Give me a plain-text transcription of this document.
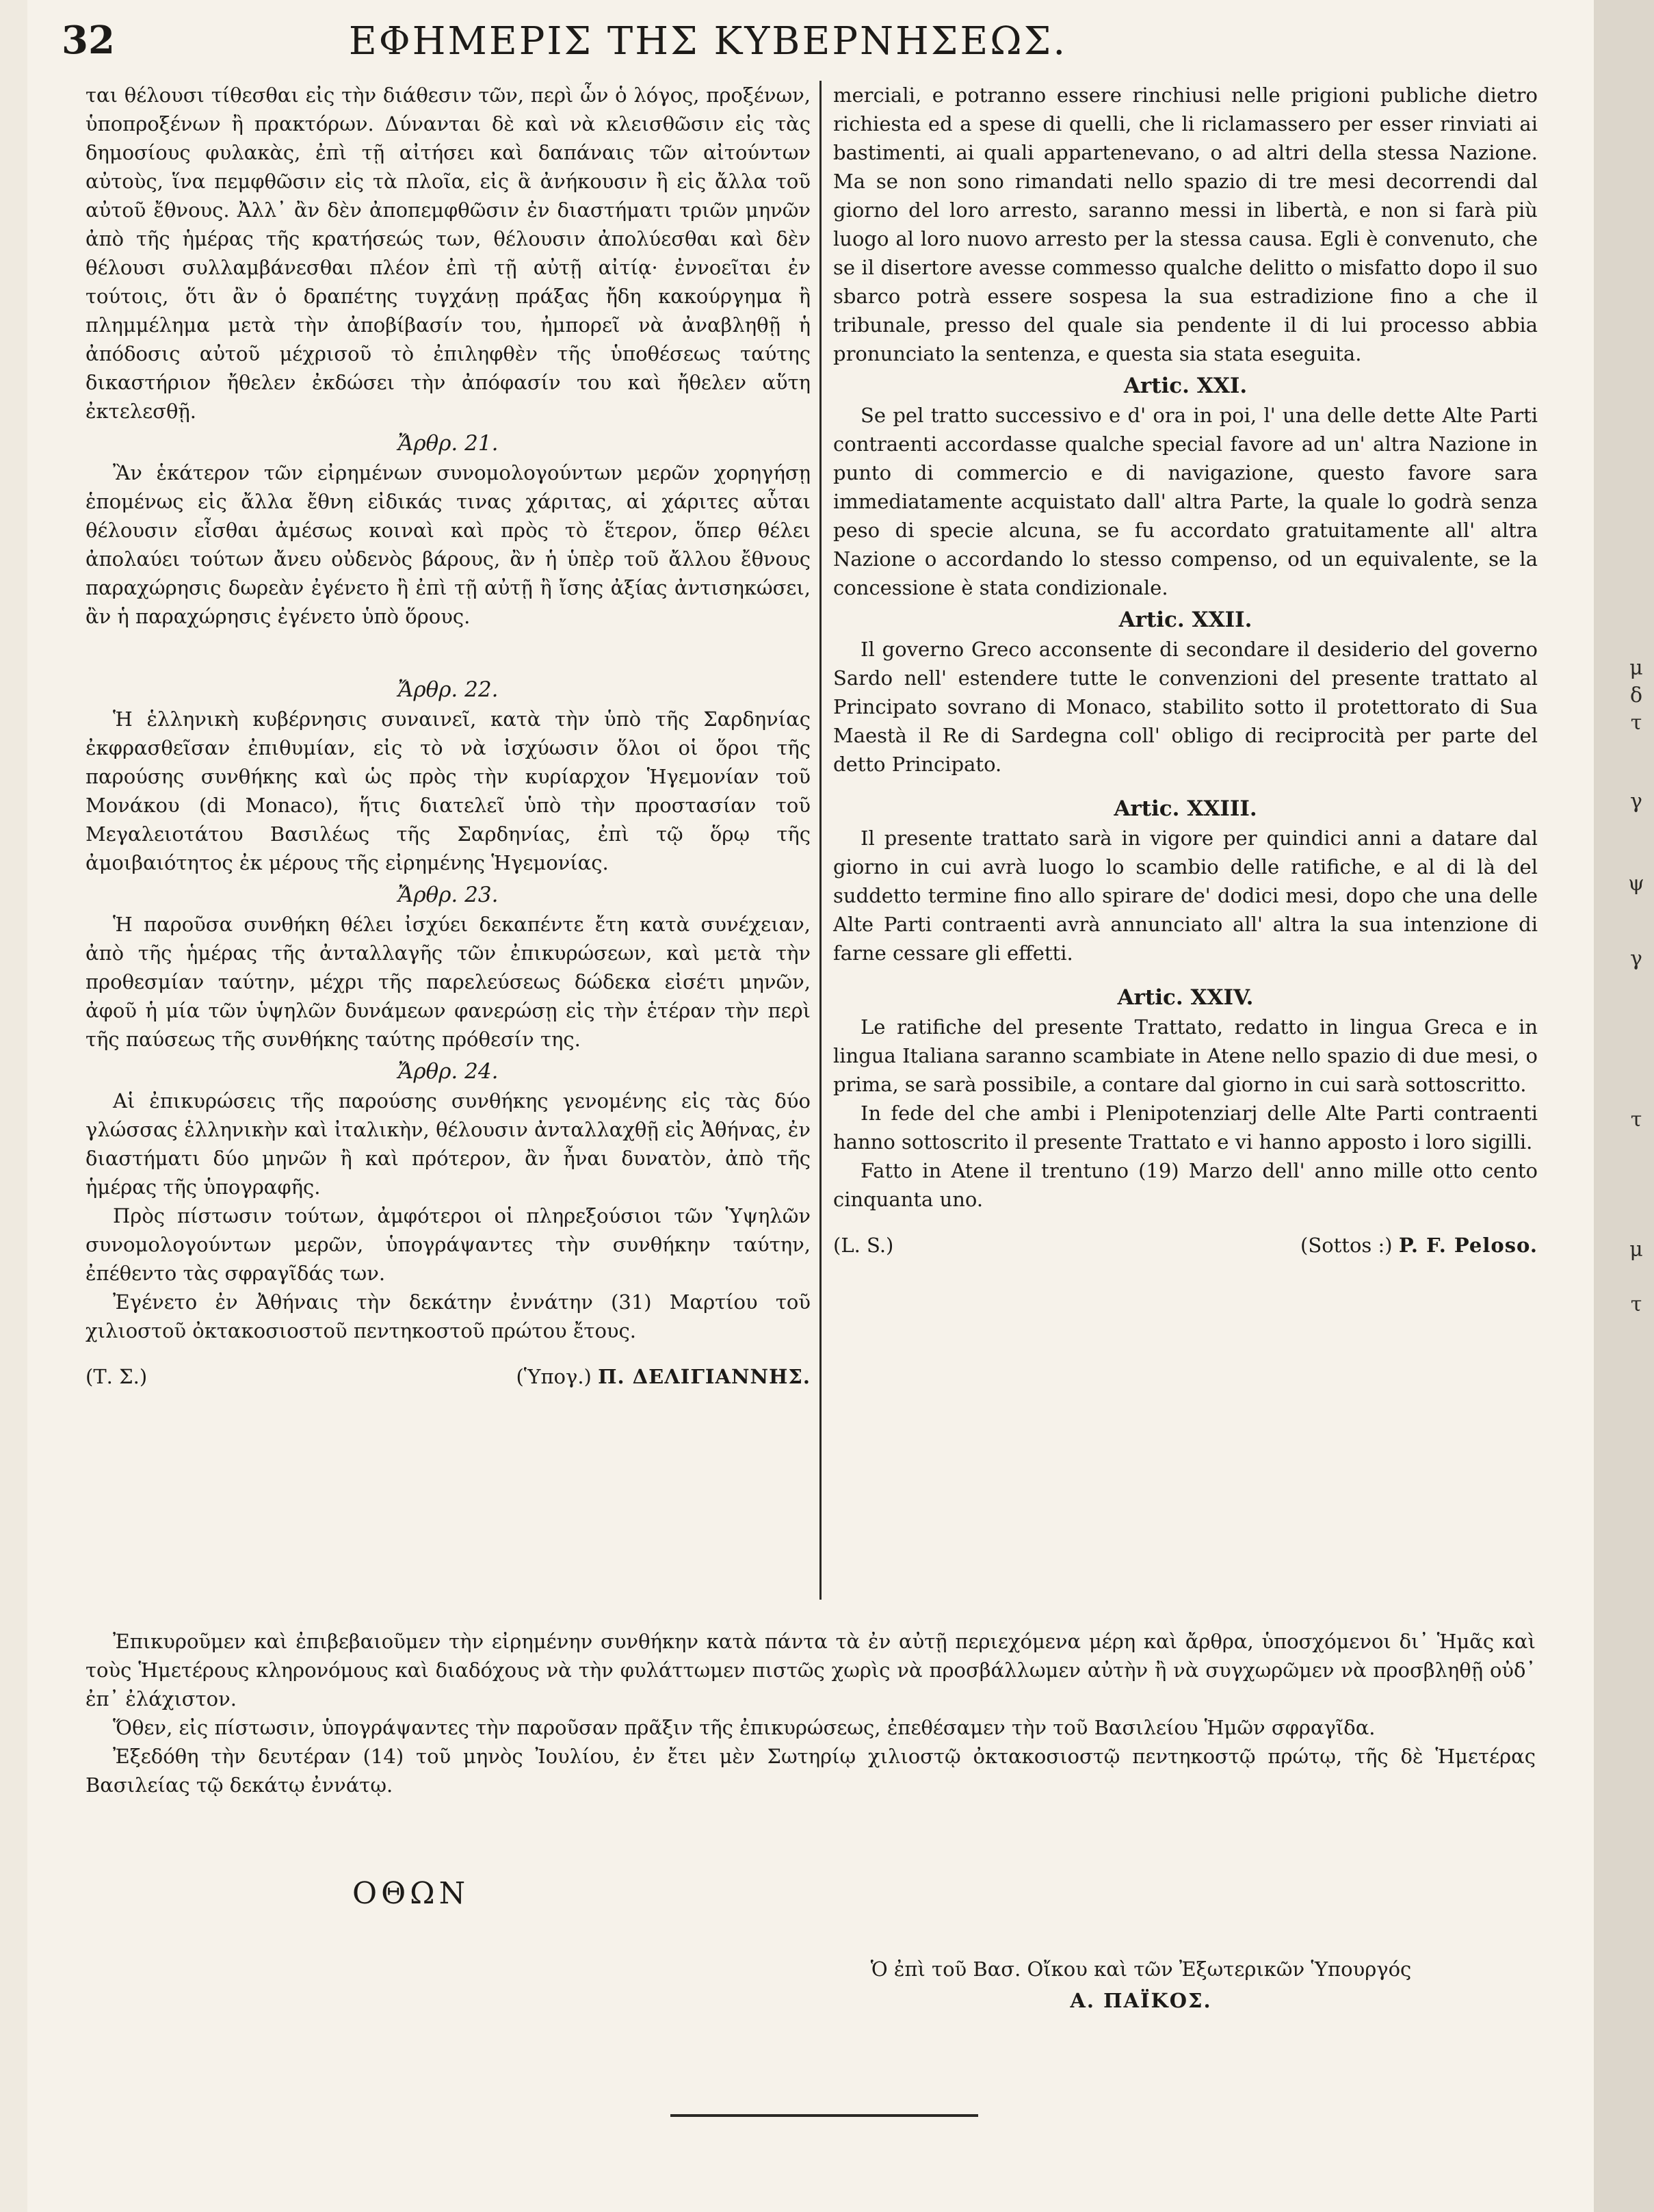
μ
δ
τ
γ
ψ
γ
τ
μ
τ
32	ΕΦΗΜΕΡΙΣ ΤΗΣ ΚΥΒΕΡΝΗΣΕΩΣ.

ται θέλουσι τίθεσθαι εἰς τὴν διάθεσιν τῶν, περὶ ὧν ὁ λόγος, προξένων, ὑποπροξένων ἢ πρακτόρων. Δύνανται δὲ καὶ νὰ κλεισθῶσιν εἰς τὰς δημοσίους φυλακὰς, ἐπὶ τῇ αἰτήσει καὶ δαπάναις τῶν αἰτούντων αὐτοὺς, ἵνα πεμφθῶσιν εἰς τὰ πλοῖα, εἰς ἃ ἀνήκουσιν ἢ εἰς ἄλλα τοῦ αὐτοῦ ἔθνους. Ἀλλ᾽ ἂν δὲν ἀποπεμφθῶσιν ἐν διαστήματι τριῶν μηνῶν ἀπὸ τῆς ἡμέρας τῆς κρατήσεώς των, θέλουσιν ἀπολύεσθαι καὶ δὲν θέλουσι συλλαμβάνεσθαι πλέον ἐπὶ τῇ αὐτῇ αἰτίᾳ· ἐννοεῖται ἐν τούτοις, ὅτι ἂν ὁ δραπέτης τυγχάνῃ πράξας ἤδη κακούργημα ἢ πλημμέλημα μετὰ τὴν ἀποβίβασίν του, ἠμπορεῖ νὰ ἀναβληθῇ ἡ ἀπόδοσις αὐτοῦ μέχρισοῦ τὸ ἐπιληφθὲν τῆς ὑποθέσεως ταύτης δικαστήριον ἤθελεν ἐκδώσει τὴν ἀπόφασίν του καὶ ἤθελεν αὕτη ἐκτελεσθῇ.

Ἄρθρ. 21.

Ἂν ἑκάτερον τῶν εἰρημένων συνομολογούντων μερῶν χορηγήσῃ ἑπομένως εἰς ἄλλα ἔθνη εἰδικάς τινας χάριτας, αἱ χάριτες αὗται θέλουσιν εἶσθαι ἀμέσως κοιναὶ καὶ πρὸς τὸ ἕτερον, ὅπερ θέλει ἀπολαύει τούτων ἄνευ οὐδενὸς βάρους, ἂν ἡ ὑπὲρ τοῦ ἄλλου ἔθνους παραχώρησις δωρεὰν ἐγένετο ἢ ἐπὶ τῇ αὐτῇ ἢ ἴσης ἀξίας ἀντισηκώσει, ἂν ἡ παραχώρησις ἐγένετο ὑπὸ ὅρους.

Ἄρθρ. 22.

Ἡ ἑλληνικὴ κυβέρνησις συναινεῖ, κατὰ τὴν ὑπὸ τῆς Σαρδηνίας ἐκφρασθεῖσαν ἐπιθυμίαν, εἰς τὸ νὰ ἰσχύωσιν ὅλοι οἱ ὅροι τῆς παρούσης συνθήκης καὶ ὡς πρὸς τὴν κυρίαρχον Ἡγεμονίαν τοῦ Μονάκου (di Monaco), ἥτις διατελεῖ ὑπὸ τὴν προστασίαν τοῦ Μεγαλειοτάτου Βασιλέως τῆς Σαρδηνίας, ἐπὶ τῷ ὅρῳ τῆς ἀμοιβαιότητος ἐκ μέρους τῆς εἰρημένης Ἡγεμονίας.

Ἄρθρ. 23.

Ἡ παροῦσα συνθήκη θέλει ἰσχύει δεκαπέντε ἔτη κατὰ συνέχειαν, ἀπὸ τῆς ἡμέρας τῆς ἀνταλλαγῆς τῶν ἐπικυρώσεων, καὶ μετὰ τὴν προθεσμίαν ταύτην, μέχρι τῆς παρελεύσεως δώδεκα εἰσέτι μηνῶν, ἀφοῦ ἡ μία τῶν ὑψηλῶν δυνάμεων φανερώσῃ εἰς τὴν ἑτέραν τὴν περὶ τῆς παύσεως τῆς συνθήκης ταύτης πρόθεσίν της.

Ἄρθρ. 24.

Αἱ ἐπικυρώσεις τῆς παρούσης συνθήκης γενομένης εἰς τὰς δύο γλώσσας ἑλληνικὴν καὶ ἰταλικὴν, θέλουσιν ἀνταλλαχθῇ εἰς Ἀθήνας, ἐν διαστήματι δύο μηνῶν ἢ καὶ πρότερον, ἂν ἦναι δυνατὸν, ἀπὸ τῆς ἡμέρας τῆς ὑπογραφῆς.

Πρὸς πίστωσιν τούτων, ἀμφότεροι οἱ πληρεξούσιοι τῶν Ὑψηλῶν συνομολογούντων μερῶν, ὑπογράψαντες τὴν συνθήκην ταύτην, ἐπέθεντο τὰς σφραγῖδάς των.

Ἐγένετο ἐν Ἀθήναις τὴν δεκάτην ἐννάτην (31) Μαρτίου τοῦ χιλιοστοῦ ὀκτακοσιοστοῦ πεντηκοστοῦ πρώτου ἔτους.

(Τ. Σ.)	(Ὑπογ.) Π. ΔΕΛΙΓΙΑΝΝΗΣ.

merciali, e potranno essere rinchiusi nelle prigioni publiche dietro richiesta ed a spese di quelli, che li riclamassero per esser rinviati ai bastimenti, ai quali appartenevano, o ad altri della stessa Nazione. Ma se non sono rimandati nello spazio di tre mesi decorrendi dal giorno del loro arresto, saranno messi in libertà, e non si farà più luogo al loro nuovo arresto per la stessa causa. Egli è convenuto, che se il disertore avesse commesso qualche delitto o misfatto dopo il suo sbarco potrà essere sospesa la sua estradizione fino a che il tribunale, presso del quale sia pendente il di lui processo abbia pronunciato la sentenza, e questa sia stata eseguita.

Artic. XXI.

Se pel tratto successivo e d' ora in poi, l' una delle dette Alte Parti contraenti accordasse qualche special favore ad un' altra Nazione in punto di commercio e di navigazione, questo favore sara immediatamente acquistato dall' altra Parte, la quale lo godrà senza peso di specie alcuna, se fu accordato gratuitamente all' altra Nazione o accordando lo stesso compenso, od un equivalente, se la concessione è stata condizionale.

Artic. XXII.

Il governo Greco acconsente di secondare il desiderio del governo Sardo nell' estendere tutte le convenzioni del presente trattato al Principato sovrano di Monaco, stabilito sotto il protettorato di Sua Maestà il Re di Sardegna coll' obligo di reciprocità per parte del detto Principato.

Artic. XXIII.

Il presente trattato sarà in vigore per quindici anni a datare dal giorno in cui avrà luogo lo scambio delle ratifiche, e al di là del suddetto termine fino allo spirare de' dodici mesi, dopo che una delle Alte Parti contraenti avrà annunciato all' altra la sua intenzione di farne cessare gli effetti.

Artic. XXIV.

Le ratifiche del presente Trattato, redatto in lingua Greca e in lingua Italiana saranno scambiate in Atene nello spazio di due mesi, o prima, se sarà possibile, a contare dal giorno in cui sarà sottoscritto.

In fede del che ambi i Plenipotenziarj delle Alte Parti contraenti hanno sottoscrito il presente Trattato e vi hanno apposto i loro sigilli.

Fatto in Atene il trentuno (19) Marzo dell' anno mille otto cento cinquanta uno.

(L. S.)	(Sottos :) P. F. Peloso.

Ἐπικυροῦμεν καὶ ἐπιβεβαιοῦμεν τὴν εἰρημένην συνθήκην κατὰ πάντα τὰ ἐν αὐτῇ περιεχόμενα μέρη καὶ ἄρθρα, ὑποσχόμενοι δι᾽ Ἡμᾶς καὶ τοὺς Ἡμετέρους κληρονόμους καὶ διαδόχους νὰ τὴν φυλάττωμεν πιστῶς χωρὶς νὰ προσβάλλωμεν αὐτὴν ἢ νὰ συγχωρῶμεν νὰ προσβληθῇ οὐδ᾽ ἐπ᾽ ἐλάχιστον.

Ὅθεν, εἰς πίστωσιν, ὑπογράψαντες τὴν παροῦσαν πρᾶξιν τῆς ἐπικυρώσεως, ἐπεθέσαμεν τὴν τοῦ Βασιλείου Ἡμῶν σφραγῖδα.

Ἐξεδόθη τὴν δευτέραν (14) τοῦ μηνὸς Ἰουλίου, ἐν ἔτει μὲν Σωτηρίῳ χιλιοστῷ ὀκτακοσιοστῷ πεντηκοστῷ πρώτῳ, τῆς δὲ Ἡμετέρας Βασιλείας τῷ δεκάτῳ ἐννάτῳ.

ΟΘΩΝ
Ὁ ἐπὶ τοῦ Βασ. Οἴκου καὶ τῶν Ἐξωτερικῶν Ὑπουργός
Α. ΠΑΪΚΟΣ.
